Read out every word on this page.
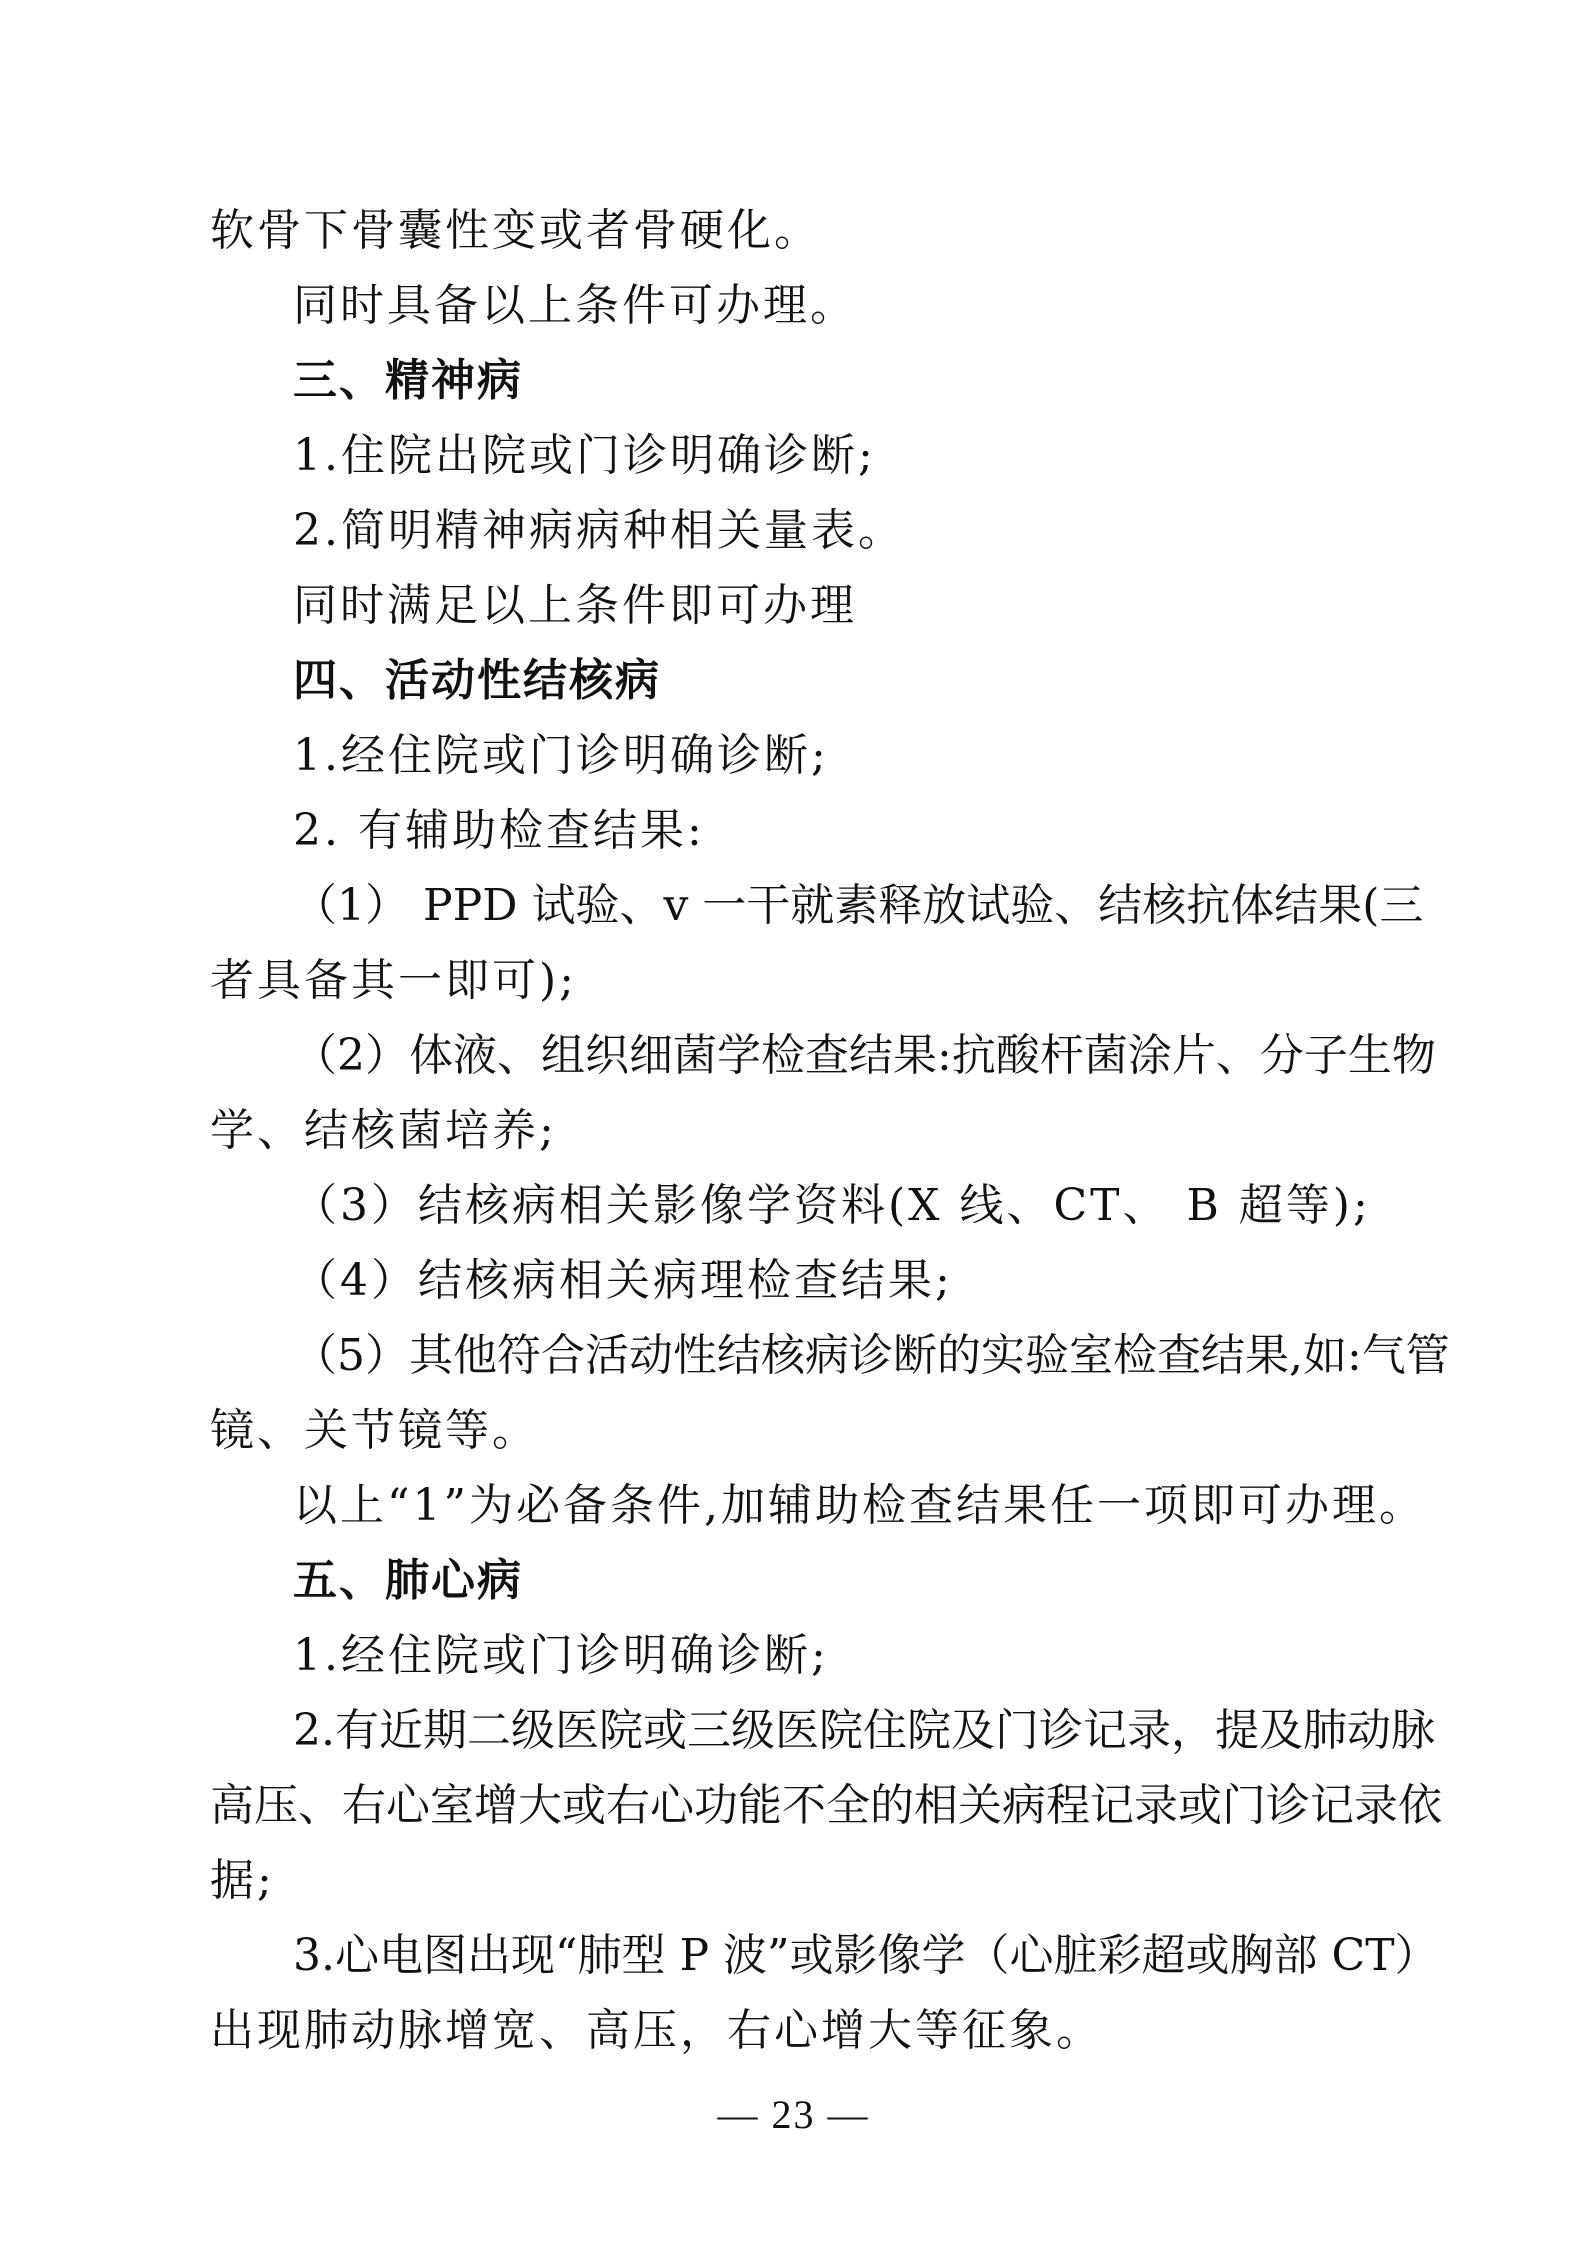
软骨下骨囊性变或者骨硬化。
同时具备以上条件可办理。
三、精神病
1.住院出院或门诊明确诊断;
2.简明精神病病种相关量表。
同时满足以上条件即可办理
四、活动性结核病
1.经住院或门诊明确诊断;
2. 有辅助检查结果:
（1） PPD 试验、v 一干就素释放试验、结核抗体结果(三
者具备其一即可);
（2）体液、组织细菌学检查结果:抗酸杆菌涂片、分子生物
学、结核菌培养;
（3）结核病相关影像学资料(X 线、CT、 B 超等);
（4）结核病相关病理检查结果;
（5）其他符合活动性结核病诊断的实验室检查结果,如:气管
镜、关节镜等。
以上“1”为必备条件,加辅助检查结果任一项即可办理。
五、肺心病
1.经住院或门诊明确诊断;
2.有近期二级医院或三级医院住院及门诊记录，提及肺动脉
高压、右心室增大或右心功能不全的相关病程记录或门诊记录依
据;
3.心电图出现“肺型 P 波”或影像学（心脏彩超或胸部 CT）
出现肺动脉增宽、高压，右心增大等征象。
— 23 —
